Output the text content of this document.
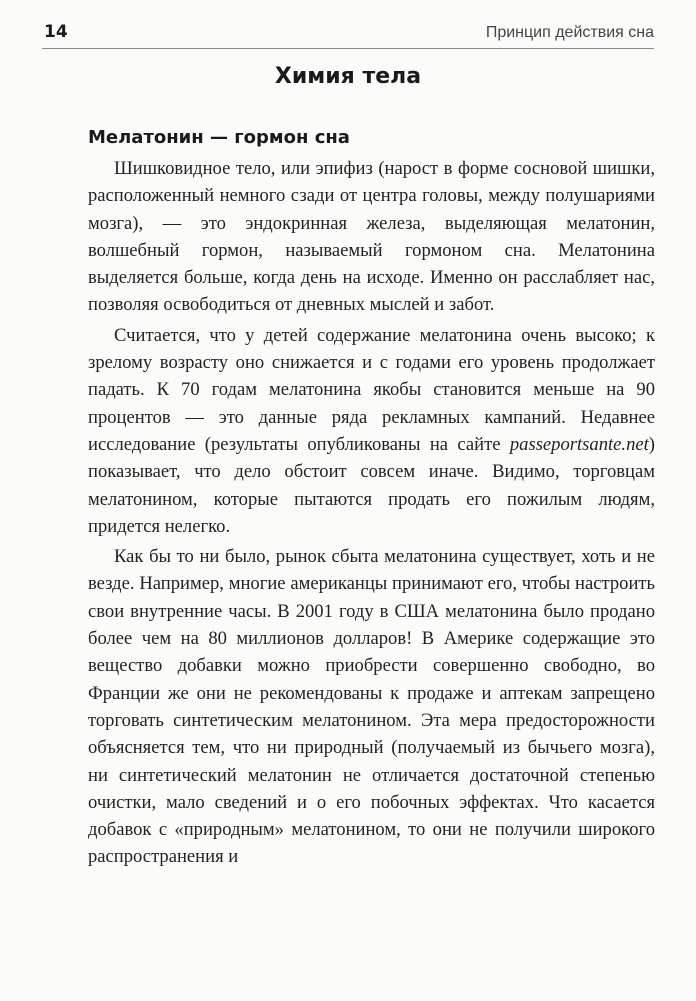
14	Принцип действия сна
Химия тела
Мелатонин — гормон сна

Шишковидное тело, или эпифиз (нарост в форме сосновой шишки, расположенный немного сзади от центра головы, между полушариями мозга), — это эндокринная железа, выделяющая мелатонин, волшебный гормон, называемый гормоном сна. Мелатонина выделяется больше, когда день на исходе. Именно он расслабляет нас, позволяя освободиться от дневных мыслей и забот.

Считается, что у детей содержание мелатонина очень высоко; к зрелому возрасту оно снижается и с годами его уровень продолжает падать. К 70 годам мелатонина якобы становится меньше на 90 процентов — это данные ряда рекламных кампаний. Недавнее исследование (результаты опубликованы на сайте passeportsante.net) показывает, что дело обстоит совсем иначе. Видимо, торговцам мелатонином, которые пытаются продать его пожилым людям, придется нелегко.

Как бы то ни было, рынок сбыта мелатонина существует, хоть и не везде. Например, многие американцы принимают его, чтобы настроить свои внутренние часы. В 2001 году в США мелатонина было продано более чем на 80 миллионов долларов! В Америке содержащие это вещество добавки можно приобрести совершенно свободно, во Франции же они не рекомендованы к продаже и аптекам запрещено торговать синтетическим мелатонином. Эта мера предосторожности объясняется тем, что ни природный (получаемый из бычьего мозга), ни синтетический мелатонин не отличается достаточной степенью очистки, мало сведений и о его побочных эффектах. Что касается добавок с «природным» мелатонином, то они не получили широкого распространения и
